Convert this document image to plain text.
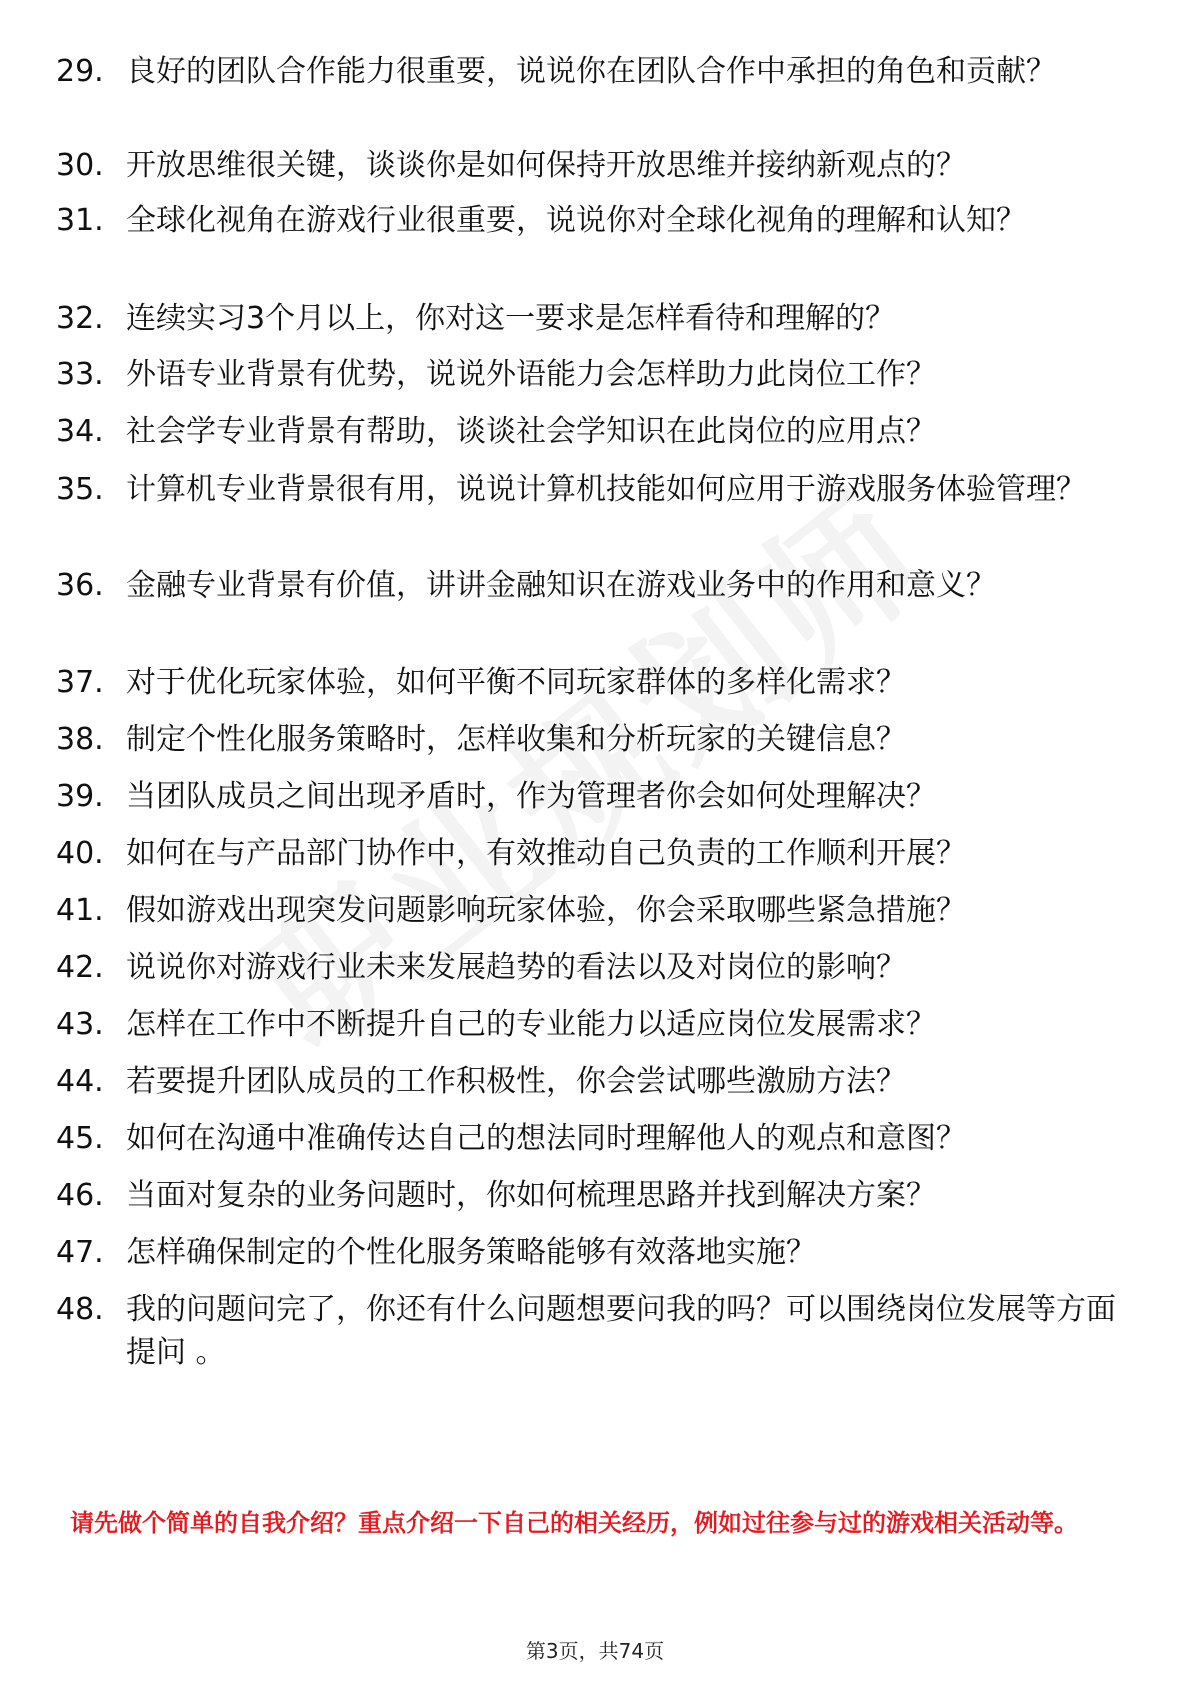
29. 良好的团队合作能力很重要，说说你在团队合作中承担的角色和贡献？
30. 开放思维很关键，谈谈你是如何保持开放思维并接纳新观点的？
31. 全球化视角在游戏行业很重要，说说你对全球化视角的理解和认知？
32. 连续实习3个月以上，你对这一要求是怎样看待和理解的？
33. 外语专业背景有优势，说说外语能力会怎样助力此岗位工作？
34. 社会学专业背景有帮助，谈谈社会学知识在此岗位的应用点？
35. 计算机专业背景很有用，说说计算机技能如何应用于游戏服务体验管理？
36. 金融专业背景有价值，讲讲金融知识在游戏业务中的作用和意义？
37. 对于优化玩家体验，如何平衡不同玩家群体的多样化需求？
38. 制定个性化服务策略时，怎样收集和分析玩家的关键信息？
39. 当团队成员之间出现矛盾时，作为管理者你会如何处理解决？
40. 如何在与产品部门协作中，有效推动自己负责的工作顺利开展？
41. 假如游戏出现突发问题影响玩家体验，你会采取哪些紧急措施？
42. 说说你对游戏行业未来发展趋势的看法以及对岗位的影响？
43. 怎样在工作中不断提升自己的专业能力以适应岗位发展需求？
44. 若要提升团队成员的工作积极性，你会尝试哪些激励方法？
45. 如何在沟通中准确传达自己的想法同时理解他人的观点和意图？
46. 当面对复杂的业务问题时，你如何梳理思路并找到解决方案？
47. 怎样确保制定的个性化服务策略能够有效落地实施？
48. 我的问题问完了，你还有什么问题想要问我的吗？可以围绕岗位发展等方面提问 。
请先做个简单的自我介绍？重点介绍一下自己的相关经历，例如过往参与过的游戏相关活动等。
第3页，共74页
